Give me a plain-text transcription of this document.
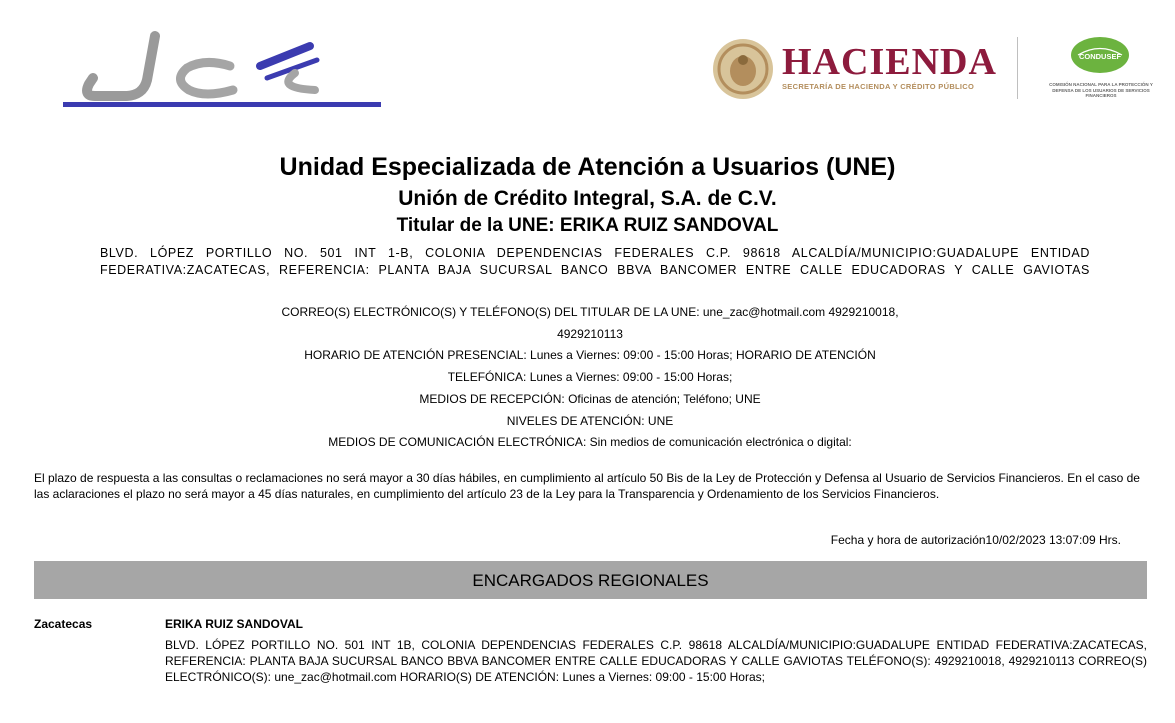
HACIENDA
SECRETARÍA DE HACIENDA Y CRÉDITO PÚBLICO
CONDUSEF
COMISIÓN NACIONAL PARA LA PROTECCIÓN Y DEFENSA DE LOS USUARIOS DE SERVICIOS FINANCIEROS
Unidad Especializada de Atención a Usuarios (UNE)
Unión de Crédito Integral, S.A. de C.V.
Titular de la UNE: ERIKA RUIZ SANDOVAL
BLVD. LÓPEZ PORTILLO NO. 501 INT 1-B, COLONIA DEPENDENCIAS FEDERALES C.P. 98618 ALCALDÍA/MUNICIPIO:GUADALUPE ENTIDAD
FEDERATIVA:ZACATECAS, REFERENCIA: PLANTA BAJA SUCURSAL BANCO BBVA BANCOMER ENTRE CALLE EDUCADORAS Y CALLE GAVIOTAS
CORREO(S) ELECTRÓNICO(S) Y TELÉFONO(S) DEL TITULAR DE LA UNE: une_zac@hotmail.com 4929210018,
4929210113
HORARIO DE ATENCIÓN PRESENCIAL: Lunes a Viernes: 09:00 - 15:00 Horas; HORARIO DE ATENCIÓN
TELEFÓNICA: Lunes a Viernes: 09:00 - 15:00 Horas;
MEDIOS DE RECEPCIÓN: Oficinas de atención; Teléfono; UNE
NIVELES DE ATENCIÓN: UNE
MEDIOS DE COMUNICACIÓN ELECTRÓNICA: Sin medios de comunicación electrónica o digital:
El plazo de respuesta a las consultas o reclamaciones no será mayor a 30 días hábiles, en cumplimiento al artículo 50 Bis de la Ley de Protección y Defensa al Usuario de Servicios Financieros. En el caso de las aclaraciones el plazo no será mayor a 45 días naturales, en cumplimiento del artículo 23 de la Ley para la Transparencia y Ordenamiento de los Servicios Financieros.
Fecha y hora de autorización10/02/2023 13:07:09 Hrs.
ENCARGADOS REGIONALES
Zacatecas	ERIKA RUIZ SANDOVAL
BLVD. LÓPEZ PORTILLO NO. 501 INT 1B, COLONIA DEPENDENCIAS FEDERALES C.P. 98618 ALCALDÍA/MUNICIPIO:GUADALUPE ENTIDAD FEDERATIVA:ZACATECAS, REFERENCIA: PLANTA BAJA SUCURSAL BANCO BBVA BANCOMER ENTRE CALLE EDUCADORAS Y CALLE GAVIOTAS TELÉFONO(S): 4929210018, 4929210113 CORREO(S) ELECTRÓNICO(S): une_zac@hotmail.com HORARIO(S) DE ATENCIÓN: Lunes a Viernes: 09:00 - 15:00 Horas;
